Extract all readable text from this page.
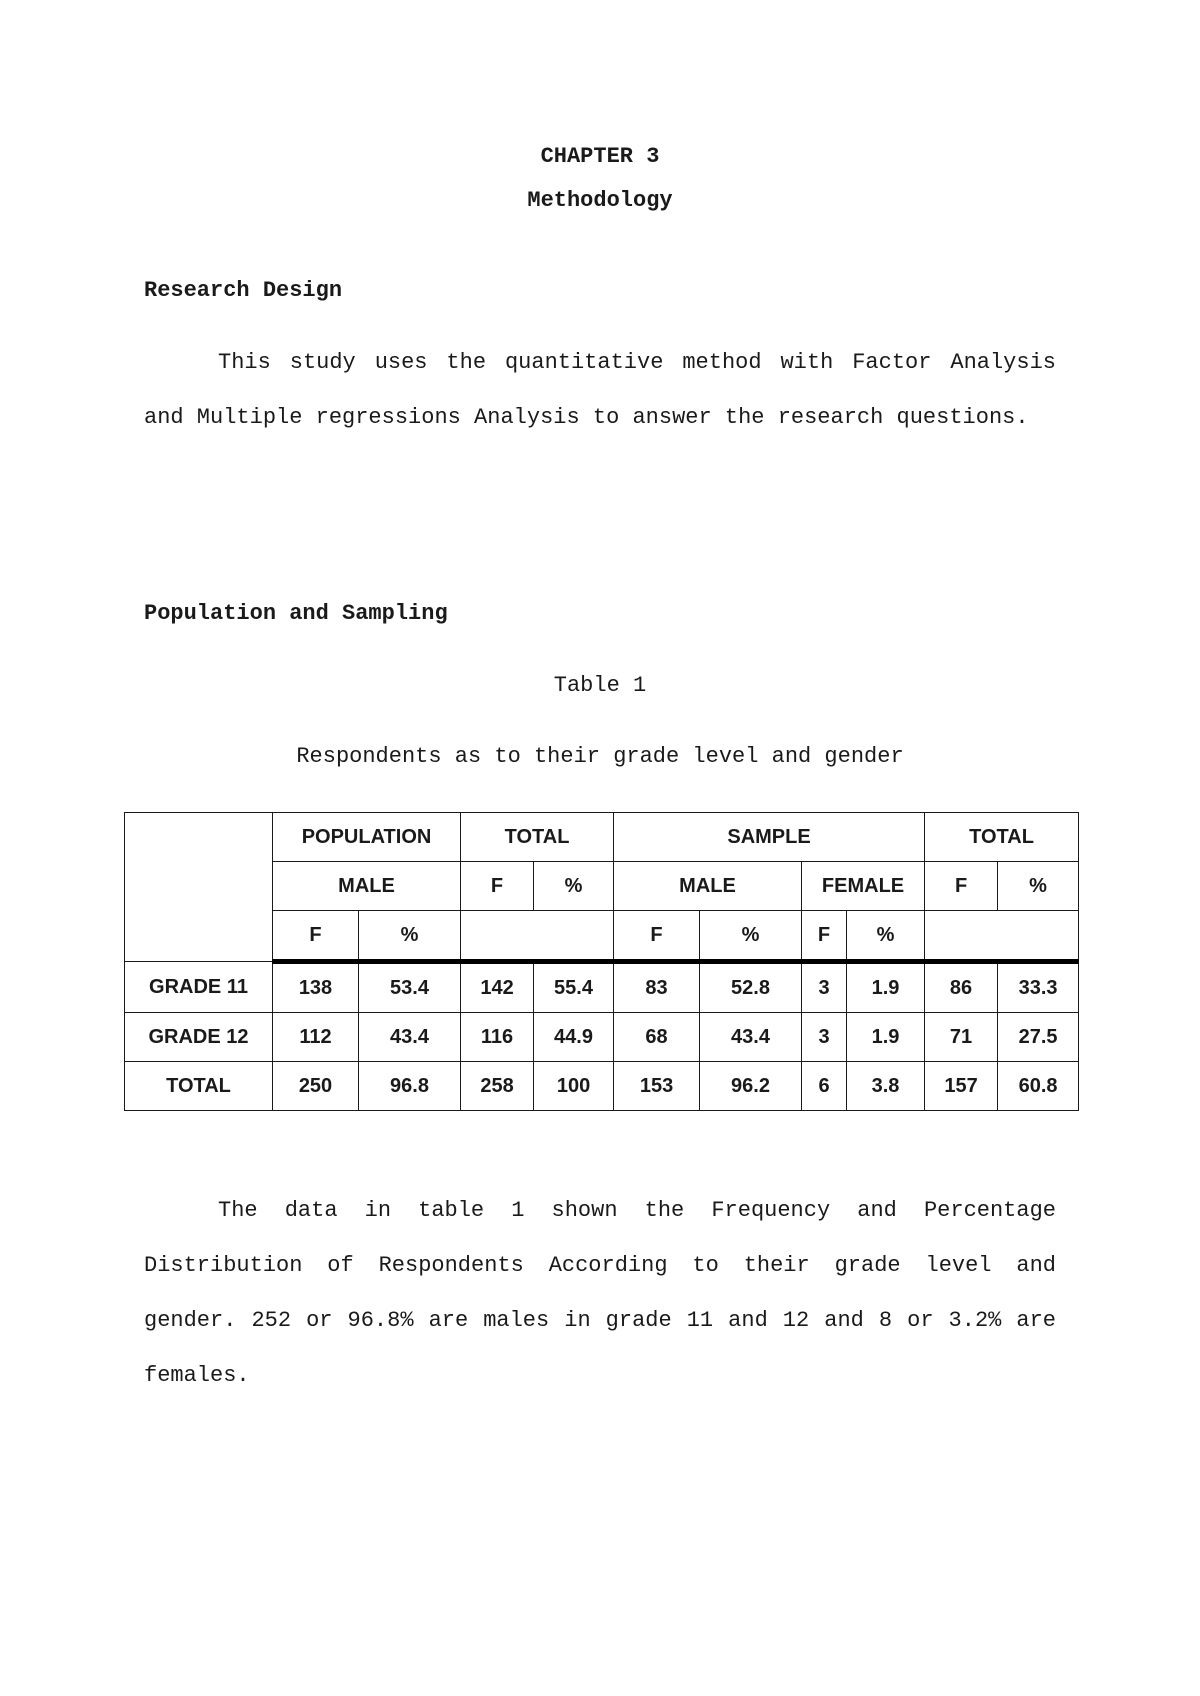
CHAPTER 3
Methodology
Research Design
This study uses the quantitative method with Factor Analysis and Multiple regressions Analysis to answer the research questions.
Population and Sampling
Table 1
Respondents as to their grade level and gender
	POPULATION		TOTAL		SAMPLE				TOTAL	
	MALE		F	%	MALE		FEMALE		F	%
	F	%			F	%	F	%		
GRADE 11	138	53.4	142	55.4	83	52.8	3	1.9	86	33.3
GRADE 12	112	43.4	116	44.9	68	43.4	3	1.9	71	27.5
TOTAL	250	96.8	258	100	153	96.2	6	3.8	157	60.8
The data in table 1 shown the Frequency and Percentage Distribution of Respondents According to their grade level and gender. 252 or 96.8% are males in grade 11 and 12 and 8 or 3.2% are females.
